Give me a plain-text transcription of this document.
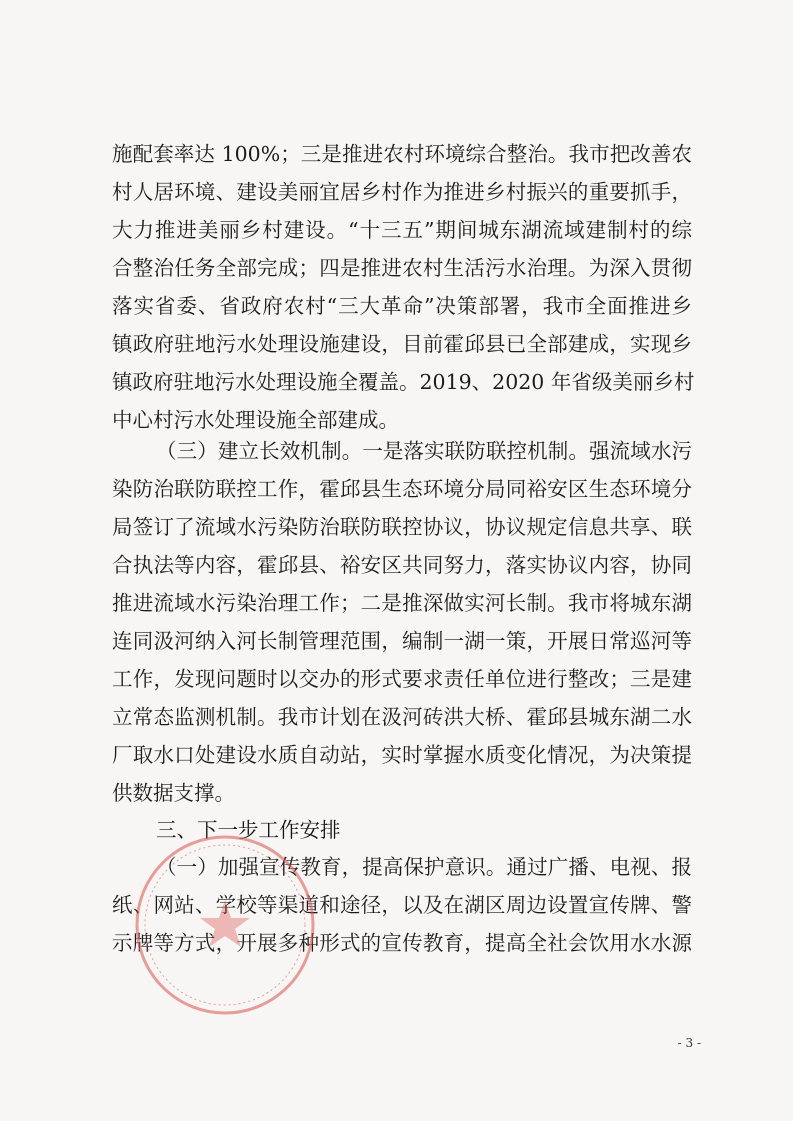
施配套率达 100%；三是推进农村环境综合整治。我市把改善农
村人居环境、建设美丽宜居乡村作为推进乡村振兴的重要抓手，
大力推进美丽乡村建设。“十三五”期间城东湖流域建制村的综
合整治任务全部完成；四是推进农村生活污水治理。为深入贯彻
落实省委、省政府农村“三大革命”决策部署，我市全面推进乡
镇政府驻地污水处理设施建设，目前霍邱县已全部建成，实现乡
镇政府驻地污水处理设施全覆盖。2019、2020 年省级美丽乡村
中心村污水处理设施全部建成。
（三）建立长效机制。一是落实联防联控机制。强流域水污
染防治联防联控工作，霍邱县生态环境分局同裕安区生态环境分
局签订了流域水污染防治联防联控协议，协议规定信息共享、联
合执法等内容，霍邱县、裕安区共同努力，落实协议内容，协同
推进流域水污染治理工作；二是推深做实河长制。我市将城东湖
连同汲河纳入河长制管理范围，编制一湖一策，开展日常巡河等
工作，发现问题时以交办的形式要求责任单位进行整改；三是建
立常态监测机制。我市计划在汲河砖洪大桥、霍邱县城东湖二水
厂取水口处建设水质自动站，实时掌握水质变化情况，为决策提
供数据支撑。
三、下一步工作安排
（一）加强宣传教育，提高保护意识。通过广播、电视、报
纸、网站、学校等渠道和途径，以及在湖区周边设置宣传牌、警
示牌等方式，开展多种形式的宣传教育，提高全社会饮用水水源
- 3 -
